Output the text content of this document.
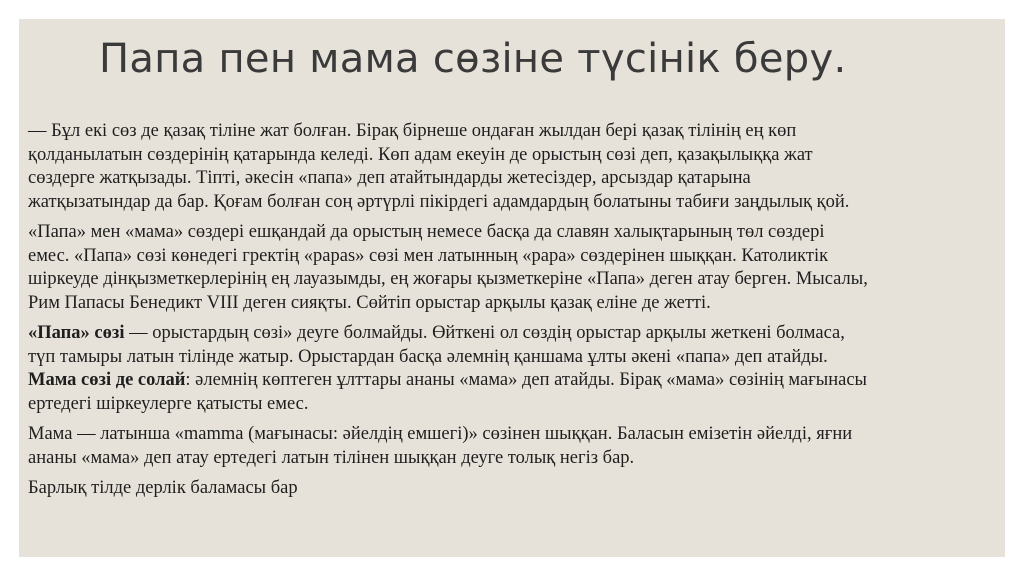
Папа пен мама сөзіне түсінік беру.

— Бұл екі сөз де қазақ тіліне жат болған. Бірақ бірнеше ондаған жылдан бері қазақ тілінің ең көп
қолданылатын сөздерінің қатарында келеді. Көп адам екеуін де орыстың сөзі деп, қазақылыққа жат
сөздерге жатқызады. Тіпті, әкесін «папа» деп атайтындарды жетесіздер, арсыздар қатарына
жатқызатындар да бар. Қоғам болған соң әртүрлі пікірдегі адамдардың болатыны табиғи заңдылық қой.

«Папа» мен «мама» сөздері ешқандай да орыстың немесе басқа да славян халықтарының төл сөздері
емес. «Папа» сөзі көнедегі гректің «papas» сөзі мен латынның «papa» сөздерінен шыққан. Католиктік
шіркеуде дінқызметкерлерінің ең лауазымды, ең жоғары қызметкеріне «Папа» деген атау берген. Мысалы,
Рим Папасы Бенедикт VIII деген сияқты. Сөйтіп орыстар арқылы қазақ еліне де жетті.

«Папа» сөзі — орыстардың сөзі» деуге болмайды. Өйткені ол сөздің орыстар арқылы жеткені болмаса,
түп тамыры латын тілінде жатыр. Орыстардан басқа әлемнің қаншама ұлты әкені «папа» деп атайды.
Мама сөзі де солай: әлемнің көптеген ұлттары ананы «мама» деп атайды. Бірақ «мама» сөзінің мағынасы
ертедегі шіркеулерге қатысты емес.

Мама — латынша «mamma (мағынасы: әйелдің емшегі)» сөзінен шыққан. Баласын емізетін әйелді, яғни
ананы «мама» деп атау ертедегі латын тілінен шыққан деуге толық негіз бар.

Барлық тілде дерлік баламасы бар
